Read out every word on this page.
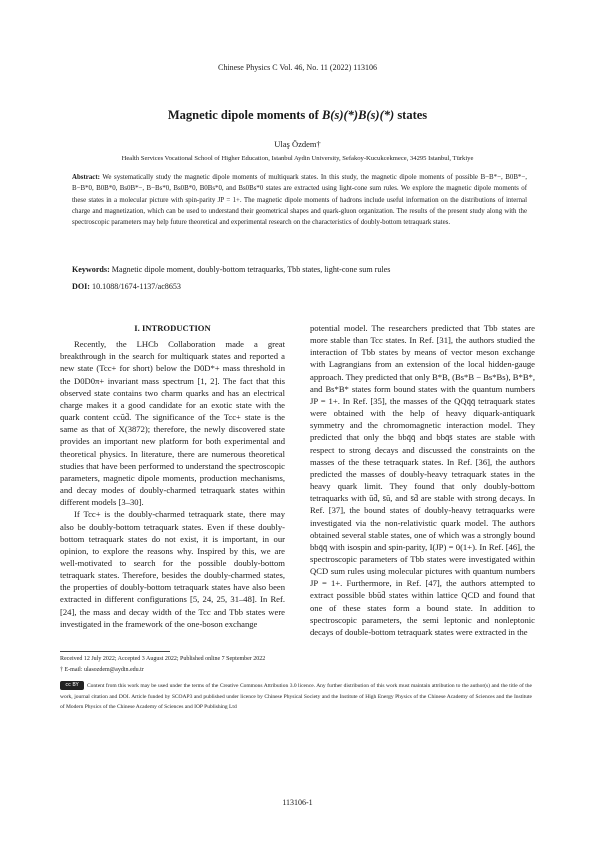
Chinese Physics C Vol. 46, No. 11 (2022) 113106
Magnetic dipole moments of B(s)(*)B(s)(*) states
Ulaş Özdem†
Health Services Vocational School of Higher Education, Istanbul Aydin University, Sefakoy-Kucukcekmece, 34295 Istanbul, Türkiye
Abstract: We systematically study the magnetic dipole moments of multiquark states. In this study, the magnetic dipole moments of possible B−B*−, B0B*−, B−B*0, B0B*0, Bs0B*−, B−Bs*0, Bs0B*0, B0Bs*0, and Bs0Bs*0 states are extracted using light-cone sum rules. We explore the magnetic dipole moments of these states in a molecular picture with spin-parity JP = 1+. The magnetic dipole moments of hadrons include useful information on the distributions of internal charge and magnetization, which can be used to understand their geometrical shapes and quark-gluon organization. The results of the present study along with the spectroscopic parameters may help future theoretical and experimental research on the characteristics of doubly-bottom tetraquark states.
Keywords: Magnetic dipole moment, doubly-bottom tetraquarks, Tbb states, light-cone sum rules
DOI: 10.1088/1674-1137/ac8653
I. INTRODUCTION

Recently, the LHCb Collaboration made a great breakthrough in the search for multiquark states and reported a new state (Tcc+ for short) below the D0D*+ mass threshold in the D0D0π+ invariant mass spectrum [1, 2]. The fact that this observed state contains two charm quarks and has an electrical charge makes it a good candidate for an exotic state with the quark content ccūd̄. The significance of the Tcc+ state is the same as that of X(3872); therefore, the newly discovered state provides an important new platform for both experimental and theoretical physics. In literature, there are numerous theoretical studies that have been performed to understand the spectroscopic parameters, magnetic dipole moments, production mechanisms, and decay modes of doubly-charmed tetraquark states within different models [3–30].

If Tcc+ is the doubly-charmed tetraquark state, there may also be doubly-bottom tetraquark states. Even if these doubly-bottom tetraquark states do not exist, it is important, in our opinion, to explore the reasons why. Inspired by this, we are well-motivated to search for the possible doubly-bottom tetraquark states. Therefore, besides the doubly-charmed states, the properties of doubly-bottom tetraquark states have also been extracted in different configurations [5, 24, 25, 31–48]. In Ref. [24], the mass and decay width of the Tcc and Tbb states were investigated in the framework of the one-boson exchange

potential model. The researchers predicted that Tbb states are more stable than Tcc states. In Ref. [31], the authors studied the interaction of Tbb states by means of vector meson exchange with Lagrangians from an extension of the local hidden-gauge approach. They predicted that only B*B, (Bs*B − Bs*Bs), B*B*, and Bs*B* states form bound states with the quantum numbers JP = 1+. In Ref. [35], the masses of the QQq̄q̄ tetraquark states were obtained with the help of heavy diquark-antiquark symmetry and the chromomagnetic interaction model. They predicted that only the bbq̄q̄ and bbq̄s̄ states are stable with respect to strong decays and discussed the constraints on the masses of the these tetraquark states. In Ref. [36], the authors predicted the masses of doubly-heavy tetraquark states in the heavy quark limit. They found that only doubly-bottom tetraquarks with ūd̄, s̄ū, and s̄d̄ are stable with strong decays. In Ref. [37], the bound states of doubly-heavy tetraquarks were investigated via the non-relativistic quark model. The authors obtained several stable states, one of which was a strongly bound bbq̄q̄ with isospin and spin-parity, I(JP) = 0(1+). In Ref. [46], the spectroscopic parameters of Tbb states were investigated within QCD sum rules using molecular pictures with quantum numbers JP = 1+. Furthermore, in Ref. [47], the authors attempted to extract possible bbūd̄ states within lattice QCD and found that one of these states form a bound state. In addition to spectroscopic parameters, the semi leptonic and nonleptonic decays of double-bottom tetraquark states were extracted in the

Received 12 July 2022; Accepted 3 August 2022; Published online 7 September 2022
† E-mail: ulasozdem@aydin.edu.tr
cc BY	Content from this work may be used under the terms of the Creative Commons Attribution 3.0 licence. Any further distribution of this work must maintain attribution to the author(s) and the title of the work, journal citation and DOI. Article funded by SCOAP3 and published under licence by Chinese Physical Society and the Institute of High Energy Physics of the Chinese Academy of Sciences and the Institute of Modern Physics of the Chinese Academy of Sciences and IOP Publishing Ltd
113106-1
